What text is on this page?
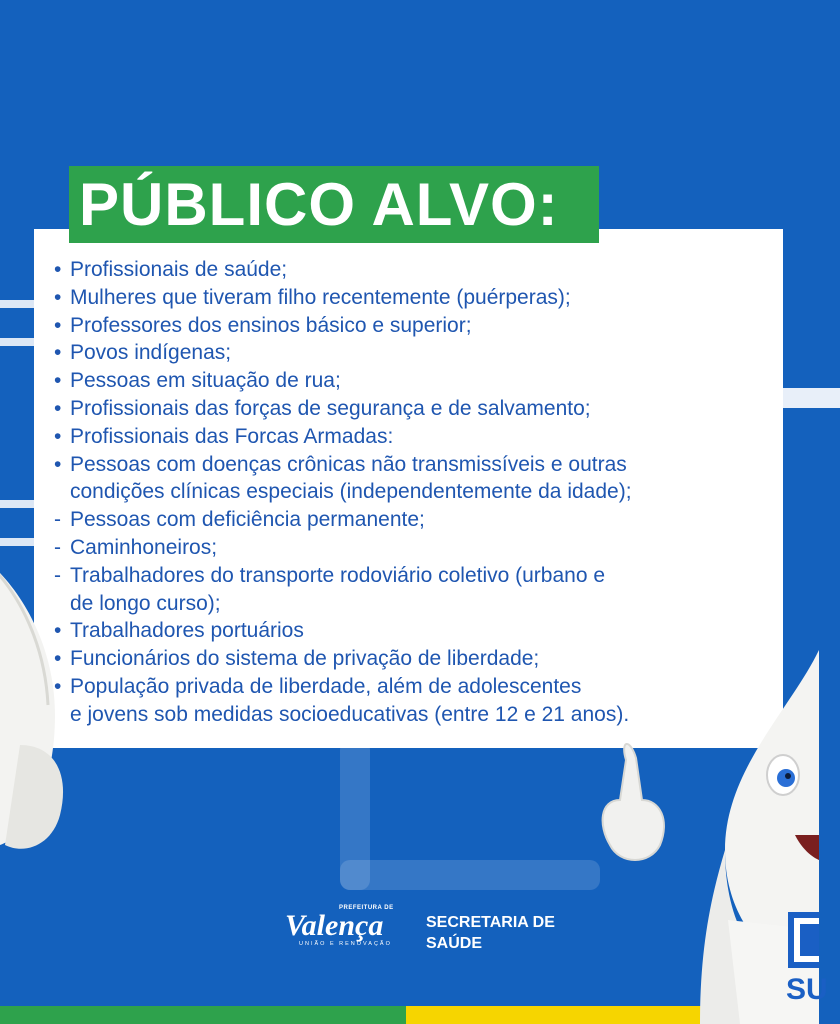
PÚBLICO ALVO:
• Profissionais de saúde;
• Mulheres que tiveram filho recentemente (puérperas);
• Professores dos ensinos básico e superior;
• Povos indígenas;
• Pessoas em situação de rua;
• Profissionais das forças de segurança e de salvamento;
• Profissionais das Forcas Armadas:
• Pessoas com doenças crônicas não transmissíveis e outras
condições clínicas especiais (independentemente da idade);
- Pessoas com deficiência permanente;
- Caminhoneiros;
- Trabalhadores do transporte rodoviário coletivo (urbano e
de longo curso);
• Trabalhadores portuários
• Funcionários do sistema de privação de liberdade;
• População privada de liberdade, além de adolescentes
e jovens sob medidas socioeducativas (entre 12 e 21 anos).
SU
PREFEITURA DE
Valença
UNIÃO E RENOVAÇÃO
SECRETARIA DE
SAÚDE
